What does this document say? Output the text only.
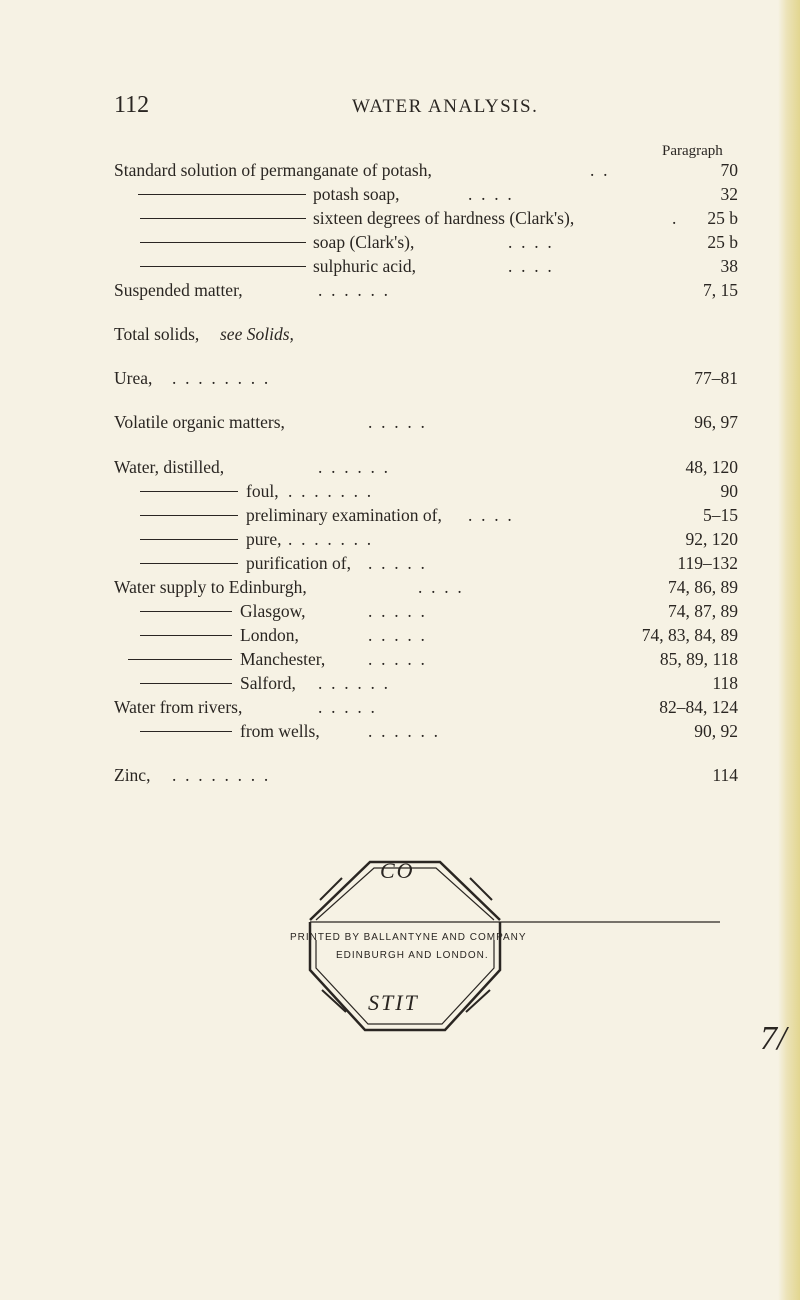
112	WATER ANALYSIS.
Paragraph
Standard solution of permanganate of potash,	.  .	70
potash soap,	.  .  .  .	32
sixteen degrees of hardness (Clark's),	. 25 b
soap (Clark's),	.  .  .  .	25 b
sulphuric acid,	.  .  .  .	38
Suspended matter,	.  .  .  .  .  .	7, 15
Total solids, see Solids,
Urea, .  .  .  .  .  .  .  .	77–81
Volatile organic matters,	.  .  .  .  .	96, 97
Water, distilled,	.  .  .  .  .  .	48, 120
foul, .  .  .  .  .  .  .	90
preliminary examination of, .  .  .  .	5–15
pure, .  .  .  .  .  .  .	92, 120
purification of, .  .  .  .  .	119–132
Water supply to Edinburgh,	.  .  .  .	74, 86, 89
Glasgow,	.  .  .  .  .	74, 87, 89
London,	.  .  .  .  .	74, 83, 84, 89
Manchester, .  .  .  .  .	85, 89, 118
Salford, .  .  .  .  .  .	118
Water from rivers,	.  .  .  .  .	82–84, 124
from wells,	.  .  .  .  .  .	90, 92
Zinc, .  .  .  .  .  .  .  .	114
CO
PRINTED BY BALLANTYNE AND COMPANY
EDINBURGH AND LONDON.
STIT
7/
